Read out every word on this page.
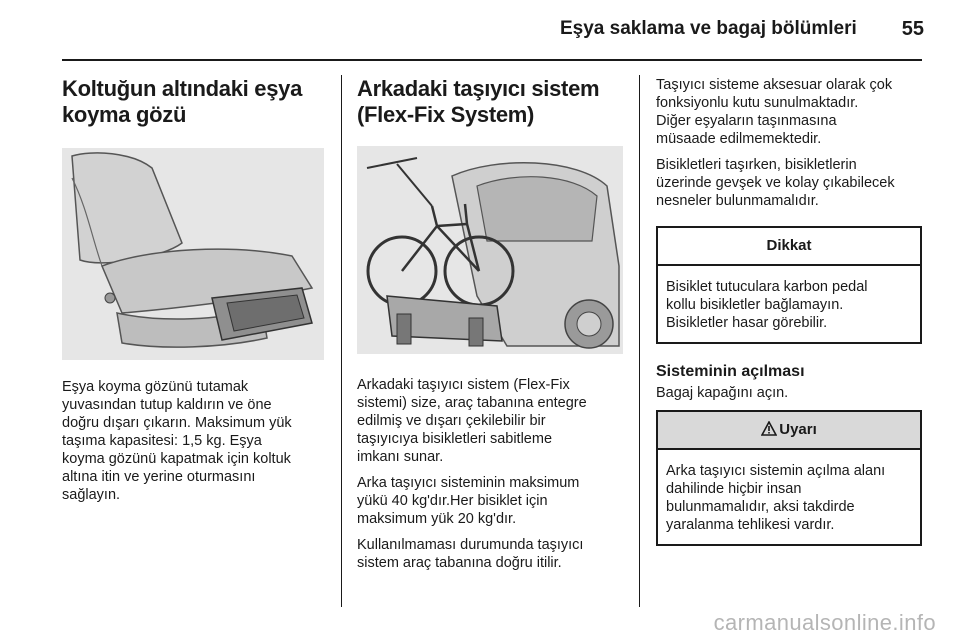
Eşya saklama ve bagaj bölümleri	55
Koltuğun altındaki eşya
koyma gözü

Eşya koyma gözünü tutamak
yuvasından tutup kaldırın ve öne
doğru dışarı çıkarın. Maksimum yük
taşıma kapasitesi: 1,5 kg. Eşya
koyma gözünü kapatmak için koltuk
altına itin ve yerine oturmasını
sağlayın.

Arkadaki taşıyıcı sistem
(Flex-Fix System)

Arkadaki taşıyıcı sistem (Flex-Fix
sistemi) size, araç tabanına entegre
edilmiş ve dışarı çekilebilir bir
taşıyıcıya bisikletleri sabitleme
imkanı sunar.

Arka taşıyıcı sisteminin maksimum
yükü 40 kg'dır.Her bisiklet için
maksimum yük 20 kg'dır.

Kullanılmaması durumunda taşıyıcı
sistem araç tabanına doğru itilir.

Taşıyıcı sisteme aksesuar olarak çok
fonksiyonlu kutu sunulmaktadır.
Diğer eşyaların taşınmasına
müsaade edilmemektedir.

Bisikletleri taşırken, bisikletlerin
üzerinde gevşek ve kolay çıkabilecek
nesneler bulunmamalıdır.

Dikkat
Bisiklet tutuculara karbon pedal
kollu bisikletler bağlamayın.
Bisikletler hasar görebilir.
Sisteminin açılması

Bagaj kapağını açın.

Uyarı
Arka taşıyıcı sistemin açılma alanı
dahilinde hiçbir insan
bulunmamalıdır, aksi takdirde
yaralanma tehlikesi vardır.
carmanualsonline.info
